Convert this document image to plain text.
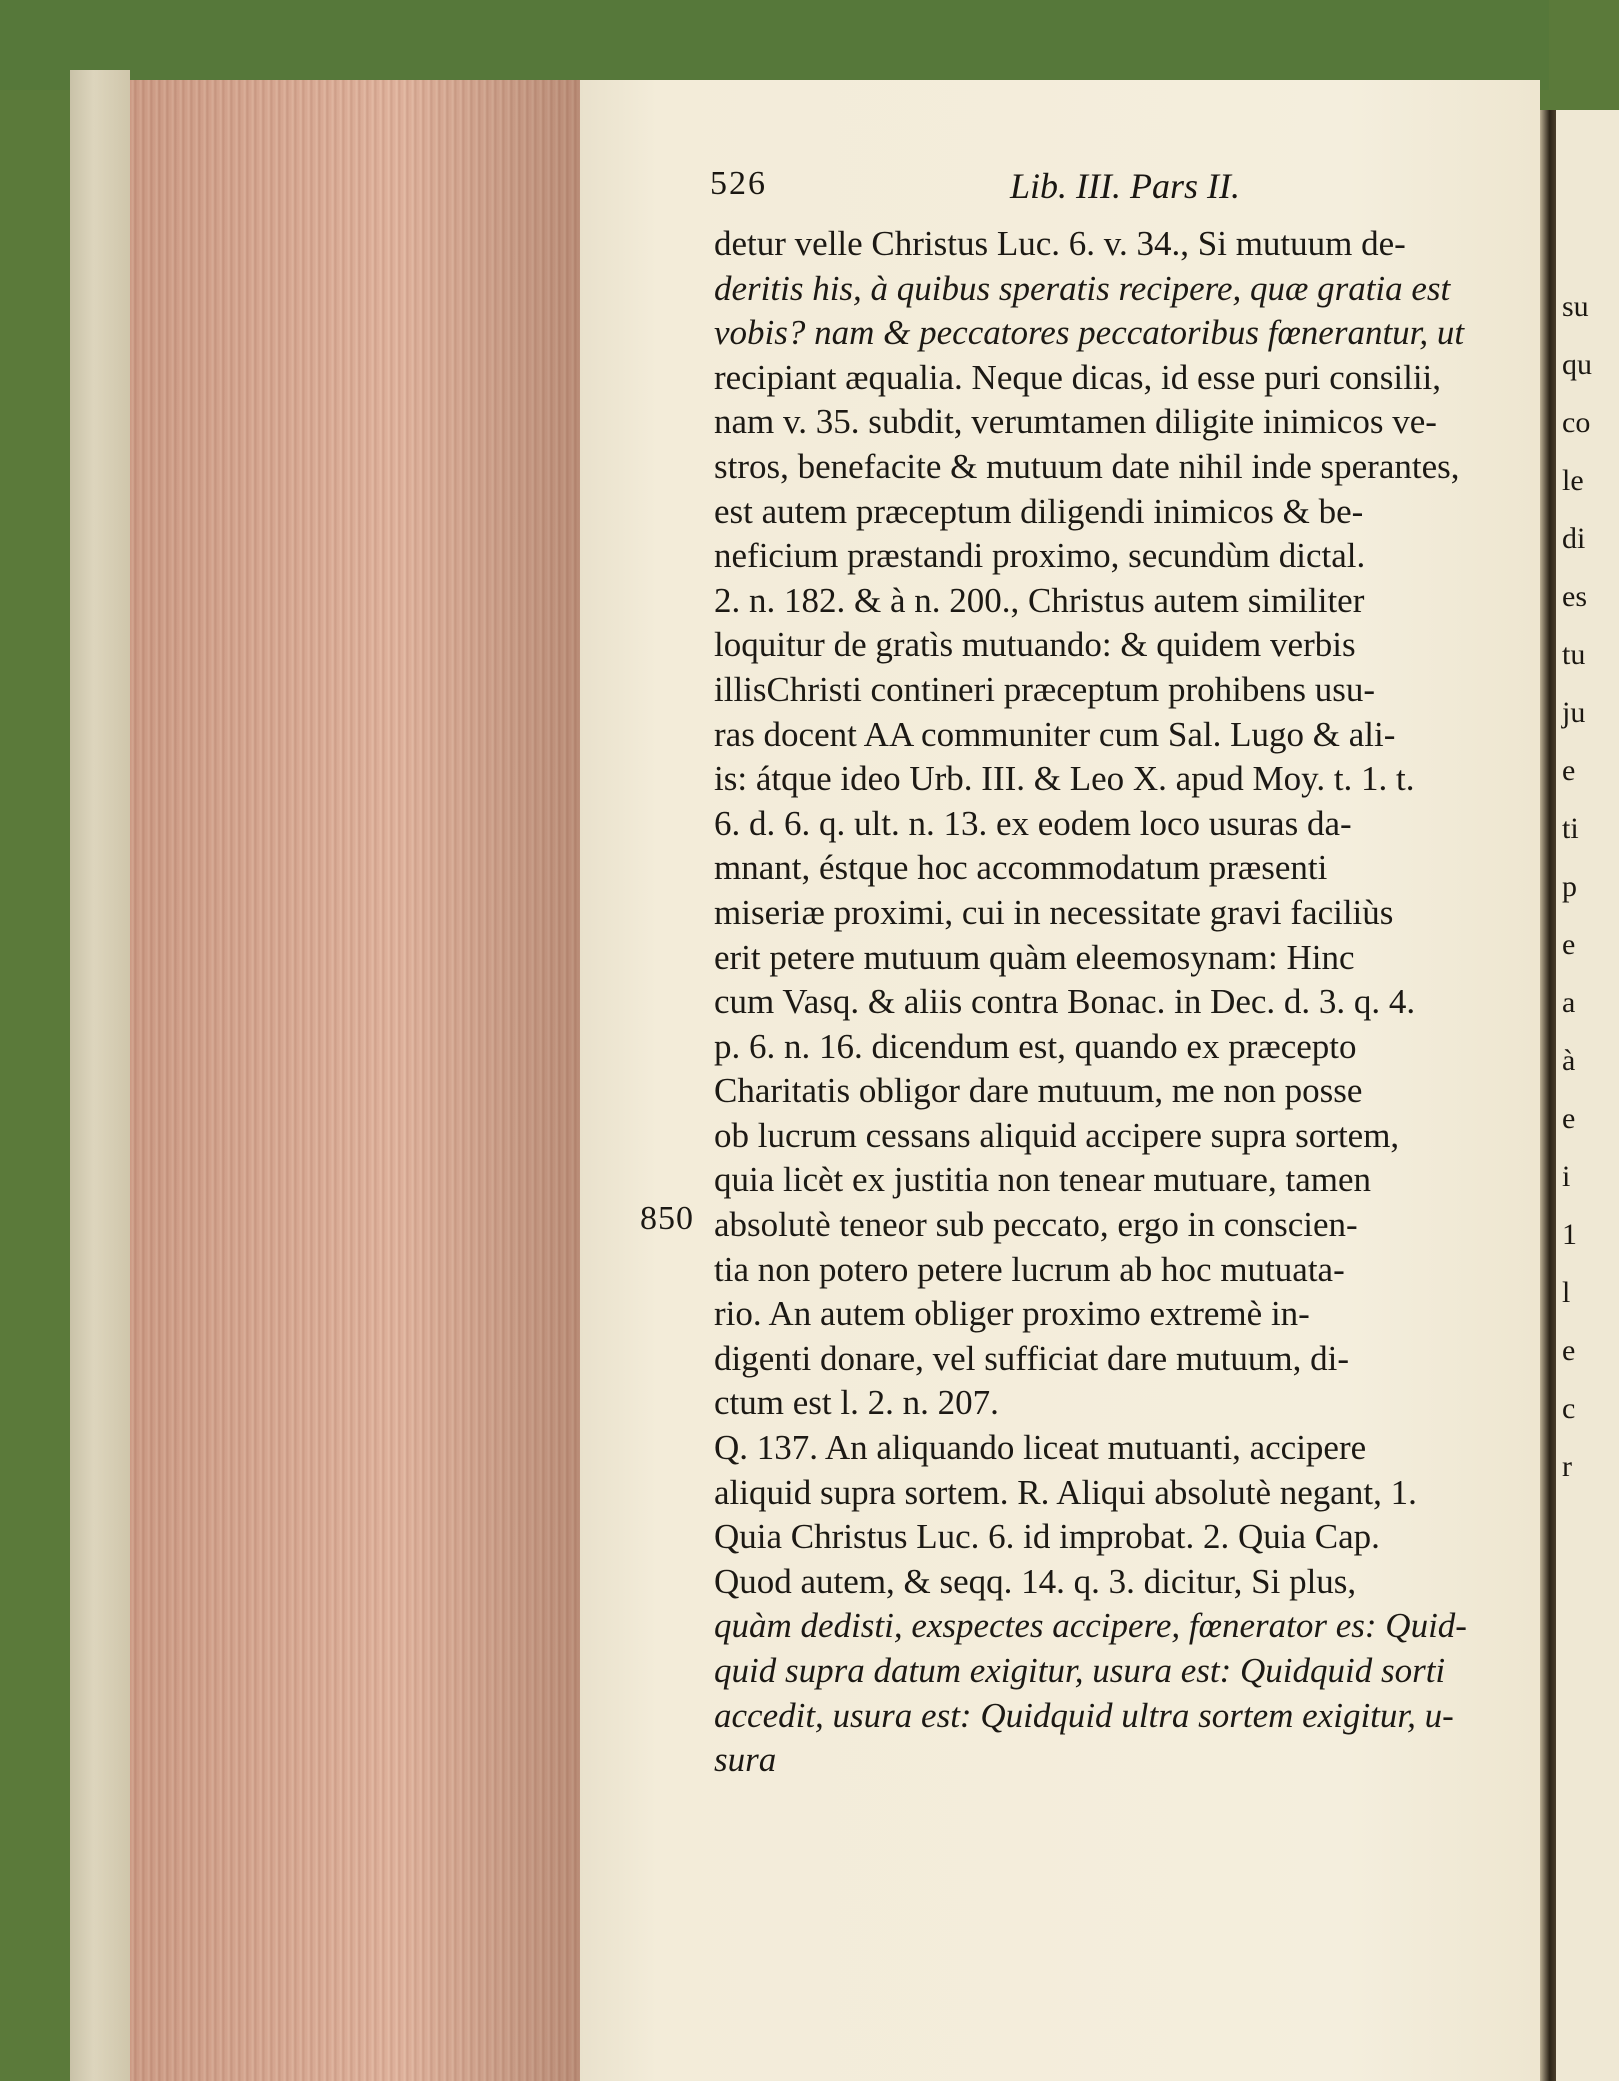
su
qu
co
le
di
es
tu
ju
e
ti
p
e
a
à
e
i
1
l
e
c
r
526	Lib. III. Pars II.
850
detur velle Christus Luc. 6. v. 34., Si mutuum de-
deritis his, à quibus speratis recipere, quæ gratia est
vobis? nam & peccatores peccatoribus fœnerantur, ut
recipiant æqualia. Neque dicas, id esse puri consilii,
nam v. 35. subdit, verumtamen diligite inimicos ve-
stros, benefacite & mutuum date nihil inde sperantes,
est autem præceptum diligendi inimicos & be-
neficium præstandi proximo, secundùm dictal.
2. n. 182. & à n. 200., Christus autem similiter
loquitur de gratìs mutuando: & quidem verbis
illisChristi contineri præceptum prohibens usu-
ras docent AA communiter cum Sal. Lugo & ali-
is: átque ideo Urb. III. & Leo X. apud Moy. t. 1. t.
6. d. 6. q. ult. n. 13. ex eodem loco usuras da-
mnant, éstque hoc accommodatum præsenti
miseriæ proximi, cui in necessitate gravi faciliùs
erit petere mutuum quàm eleemosynam: Hinc
cum Vasq. & aliis contra Bonac. in Dec. d. 3. q. 4.
p. 6. n. 16. dicendum est, quando ex præcepto
Charitatis obligor dare mutuum, me non posse
ob lucrum cessans aliquid accipere supra sortem,
quia licèt ex justitia non tenear mutuare, tamen
absolutè teneor sub peccato, ergo in conscien-
tia non potero petere lucrum ab hoc mutuata-
rio. An autem obliger proximo extremè in-
digenti donare, vel sufficiat dare mutuum, di-
ctum est l. 2. n. 207.
Q. 137. An aliquando liceat mutuanti, accipere
aliquid supra sortem. R. Aliqui absolutè negant, 1.
Quia Christus Luc. 6. id improbat. 2. Quia Cap.
Quod autem, & seqq. 14. q. 3. dicitur, Si plus,
quàm dedisti, exspectes accipere, fœnerator es: Quid-
quid supra datum exigitur, usura est: Quidquid sorti
accedit, usura est: Quidquid ultra sortem exigitur, u-
sura
